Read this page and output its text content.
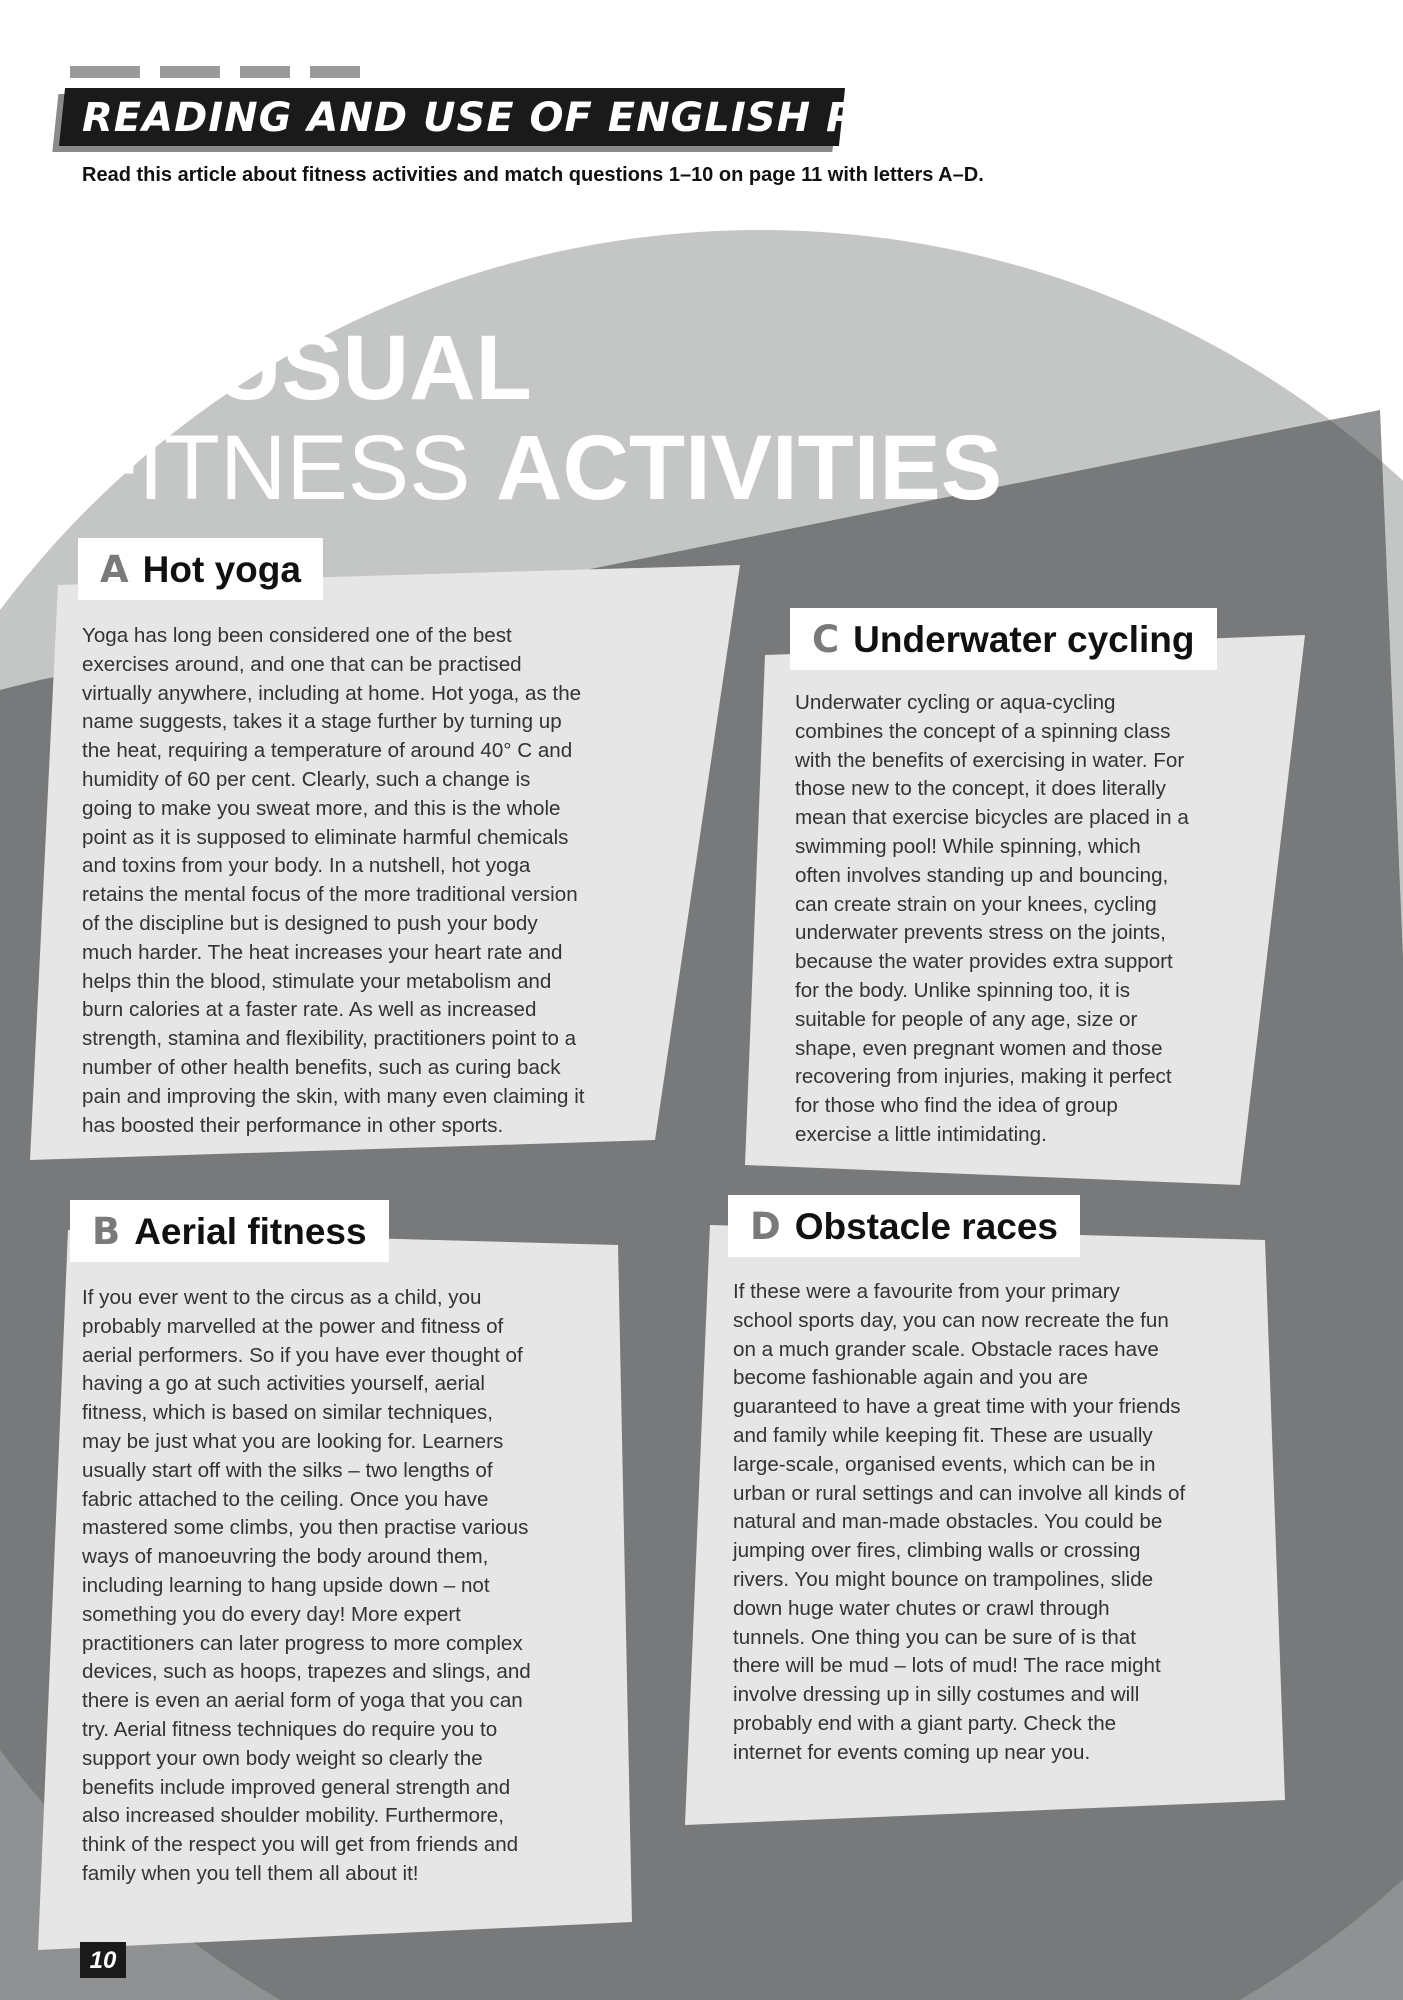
READING AND USE OF ENGLISH PART 7
Read this article about fitness activities and match questions 1–10 on page 11 with letters A–D.
UNUSUAL
FITNESS ACTIVITIES
A Hot yoga
Yoga has long been considered one of the best
exercises around, and one that can be practised
virtually anywhere, including at home. Hot yoga, as the
name suggests, takes it a stage further by turning up
the heat, requiring a temperature of around 40° C and
humidity of 60 per cent. Clearly, such a change is
going to make you sweat more, and this is the whole
point as it is supposed to eliminate harmful chemicals
and toxins from your body. In a nutshell, hot yoga
retains the mental focus of the more traditional version
of the discipline but is designed to push your body
much harder. The heat increases your heart rate and
helps thin the blood, stimulate your metabolism and
burn calories at a faster rate. As well as increased
strength, stamina and flexibility, practitioners point to a
number of other health benefits, such as curing back
pain and improving the skin, with many even claiming it
has boosted their performance in other sports.
C Underwater cycling
Underwater cycling or aqua-cycling
combines the concept of a spinning class
with the benefits of exercising in water. For
those new to the concept, it does literally
mean that exercise bicycles are placed in a
swimming pool! While spinning, which
often involves standing up and bouncing,
can create strain on your knees, cycling
underwater prevents stress on the joints,
because the water provides extra support
for the body. Unlike spinning too, it is
suitable for people of any age, size or
shape, even pregnant women and those
recovering from injuries, making it perfect
for those who find the idea of group
exercise a little intimidating.
B Aerial fitness
If you ever went to the circus as a child, you
probably marvelled at the power and fitness of
aerial performers. So if you have ever thought of
having a go at such activities yourself, aerial
fitness, which is based on similar techniques,
may be just what you are looking for. Learners
usually start off with the silks – two lengths of
fabric attached to the ceiling. Once you have
mastered some climbs, you then practise various
ways of manoeuvring the body around them,
including learning to hang upside down – not
something you do every day! More expert
practitioners can later progress to more complex
devices, such as hoops, trapezes and slings, and
there is even an aerial form of yoga that you can
try. Aerial fitness techniques do require you to
support your own body weight so clearly the
benefits include improved general strength and
also increased shoulder mobility. Furthermore,
think of the respect you will get from friends and
family when you tell them all about it!
D Obstacle races
If these were a favourite from your primary
school sports day, you can now recreate the fun
on a much grander scale. Obstacle races have
become fashionable again and you are
guaranteed to have a great time with your friends
and family while keeping fit. These are usually
large-scale, organised events, which can be in
urban or rural settings and can involve all kinds of
natural and man-made obstacles. You could be
jumping over fires, climbing walls or crossing
rivers. You might bounce on trampolines, slide
down huge water chutes or crawl through
tunnels. One thing you can be sure of is that
there will be mud – lots of mud! The race might
involve dressing up in silly costumes and will
probably end with a giant party. Check the
internet for events coming up near you.
10
